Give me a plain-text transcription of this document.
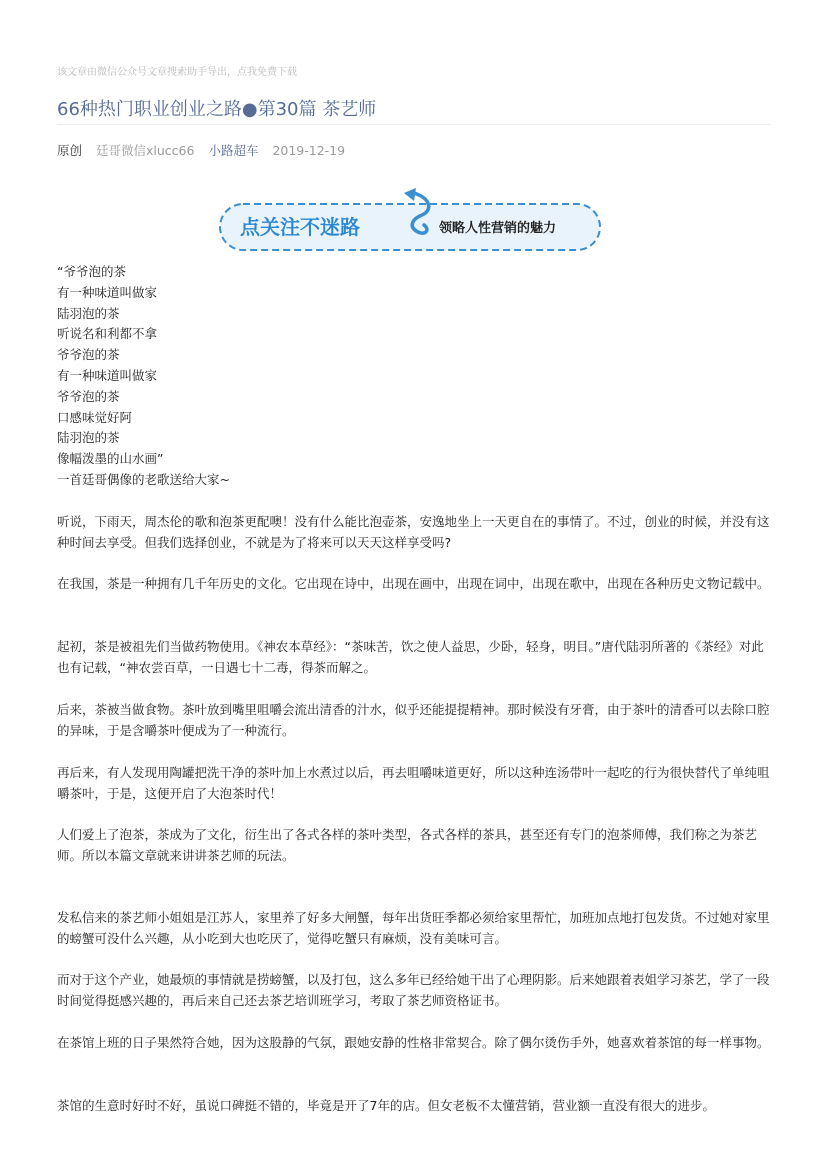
该文章由微信公众号文章搜索助手导出，点我免费下载
66种热门职业创业之路●第30篇 茶艺师
原创 廷哥微信xlucc66 小路超车 2019-12-19
点关注不迷路	领略人性营销的魅力
“爷爷泡的茶
有一种味道叫做家
陆羽泡的茶
听说名和利都不拿
爷爷泡的茶
有一种味道叫做家
爷爷泡的茶
口感味觉好阿
陆羽泡的茶
像幅泼墨的山水画”
一首廷哥偶像的老歌送给大家~

听说，下雨天，周杰伦的歌和泡茶更配噢！没有什么能比泡壶茶，安逸地坐上一天更自在的事情了。不过，创业的时候，并没有这种时间去享受。但我们选择创业，不就是为了将来可以天天这样享受吗?

在我国，茶是一种拥有几千年历史的文化。它出现在诗中，出现在画中，出现在词中，出现在歌中，出现在各种历史文物记载中。

起初，茶是被祖先们当做药物使用。《神农本草经》：“茶味苦，饮之使人益思，少卧，轻身，明目。”唐代陆羽所著的《茶经》对此也有记载，“神农尝百草，一日遇七十二毒，得茶而解之。

后来，茶被当做食物。茶叶放到嘴里咀嚼会流出清香的汁水，似乎还能提提精神。那时候没有牙膏，由于茶叶的清香可以去除口腔的异味，于是含嚼茶叶便成为了一种流行。

再后来，有人发现用陶罐把洗干净的茶叶加上水煮过以后，再去咀嚼味道更好，所以这种连汤带叶一起吃的行为很快替代了单纯咀嚼茶叶，于是，这便开启了大泡茶时代！

人们爱上了泡茶，茶成为了文化，衍生出了各式各样的茶叶类型，各式各样的茶具，甚至还有专门的泡茶师傅，我们称之为茶艺师。所以本篇文章就来讲讲茶艺师的玩法。

发私信来的茶艺师小姐姐是江苏人，家里养了好多大闸蟹，每年出货旺季都必须给家里帮忙，加班加点地打包发货。不过她对家里的螃蟹可没什么兴趣，从小吃到大也吃厌了，觉得吃蟹只有麻烦，没有美味可言。

而对于这个产业，她最烦的事情就是捞螃蟹，以及打包，这么多年已经给她干出了心理阴影。后来她跟着表姐学习茶艺，学了一段时间觉得挺感兴趣的，再后来自己还去茶艺培训班学习，考取了茶艺师资格证书。

在茶馆上班的日子果然符合她，因为这股静的气氛，跟她安静的性格非常契合。除了偶尔烫伤手外，她喜欢着茶馆的每一样事物。

茶馆的生意时好时不好，虽说口碑挺不错的，毕竟是开了7年的店。但女老板不太懂营销，营业额一直没有很大的进步。
